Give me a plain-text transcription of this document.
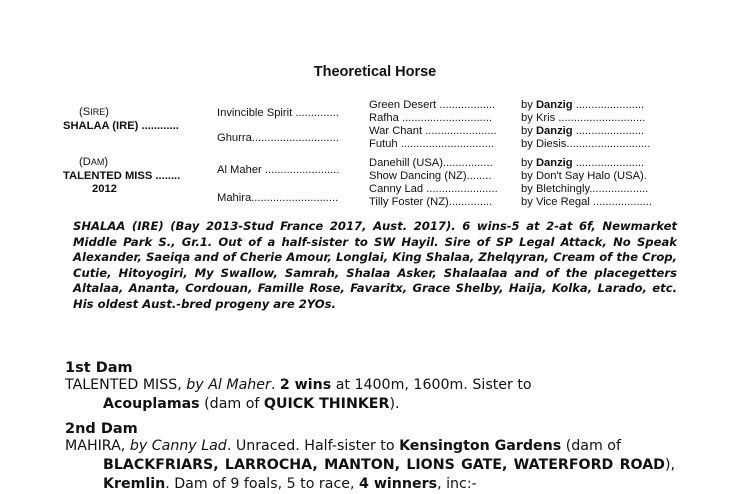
Theoretical Horse
(SIRE)
SHALAA (IRE) ............
(DAM)
TALENTED MISS ........
2012
Invincible Spirit ..............
Ghurra............................
Al Maher ........................
Mahira............................
Green Desert ..................
Rafha .............................
War Chant .......................
Futuh ..............................
Danehill (USA)................
Show Dancing (NZ)........
Canny Lad .......................
Tilly Foster (NZ)..............
by Danzig ......................
by Kris ............................
by Danzig ......................
by Diesis...........................
by Danzig ......................
by Don't Say Halo (USA).
by Bletchingly...................
by Vice Regal ...................
SHALAA (IRE) (Bay 2013-Stud France 2017, Aust. 2017). 6 wins-5 at 2-at 6f, Newmarket Middle Park S., Gr.1. Out of a half-sister to SW Hayil. Sire of SP Legal Attack, No Speak Alexander, Saeiqa and of Cherie Amour, Longlai, King Shalaa, Zhelqyran, Cream of the Crop, Cutie, Hitoyogiri, My Swallow, Samrah, Shalaa Asker, Shalaalaa and of the placegetters Altalaa, Ananta, Cordouan, Famille Rose, Favaritx, Grace Shelby, Haija, Kolka, Larado, etc. His oldest Aust.-bred progeny are 2YOs.
1st Dam

TALENTED MISS, by Al Maher. 2 wins at 1400m, 1600m. Sister to

Acouplamas (dam of QUICK THINKER).

2nd Dam

MAHIRA, by Canny Lad. Unraced. Half-sister to Kensington Gardens (dam of

BLACKFRIARS, LARROCHA, MANTON, LIONS GATE, WATERFORD ROAD), Kremlin. Dam of 9 foals, 5 to race, 4 winners, inc:-
